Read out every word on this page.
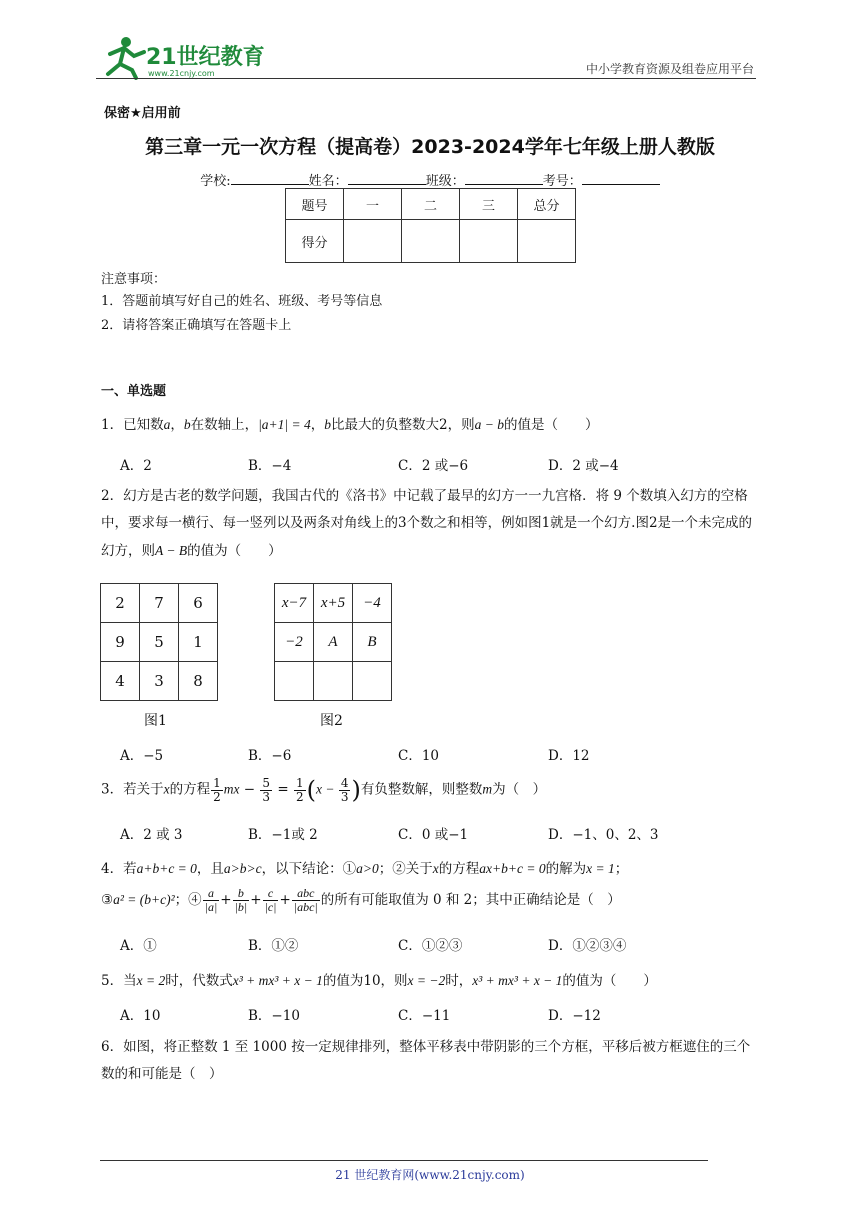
21世纪教育
www.21cnjy.com	中小学教育资源及组卷应用平台
保密★启用前
第三章一元一次方程（提高卷）2023-2024学年七年级上册人教版
学校:	姓名：	班级：	考号：
题号	一	二	三	总分
得分				
注意事项：
1．答题前填写好自己的姓名、班级、考号等信息
2．请将答案正确填写在答题卡上
一、单选题
1．已知数a，b在数轴上，|a+1| = 4，b比最大的负整数大2，则a − b的值是（　　）
A．2	B．−4	C．2 或−6	D．2 或−4
2．幻方是古老的数学问题，我国古代的《洛书》中记载了最早的幻方一一九宫格．将 9 个数填入幻方的空格中，要求每一横行、每一竖列以及两条对角线上的3个数之和相等，例如图1就是一个幻方.图2是一个未完成的幻方，则A − B的值为（　　）
2	7	6
9	5	1
4	3	8
x−7	x+5	−4
−2	A	B

图1	图2
A．−5	B．−6	C．10	D．12
3．若关于x的方程 $\frac{1}{2}$ mx − $\frac{5}{3} = \frac{1}{2} (x - \frac{4}{3}$ )有负整数解，则整数m为（　）
A．2 或 3	B．−1或 2	C．0 或−1	D．−1、0、2、3
4．若a+b+c = 0，且a>b>c，以下结论：①a>0；②关于x的方程ax+b+c = 0的解为x = 1；
③a² = (b+c)²；④ $\frac{a}{|a|} + \frac{b}{|b|} + \frac{c}{|c|} + \frac{\text{abc}}{\text{|abc|}}$ 的所有可能取值为 0 和 2；其中正确结论是（　）
A．①	B．①②	C．①②③	D．①②③④
5．当x = 2时，代数式x³ + mx³ + x − 1的值为10，则x = −2时，x³ + mx³ + x − 1的值为（　　）
A．10	B．−10	C．−11	D．−12
6．如图，将正整数 1 至 1000 按一定规律排列，整体平移表中带阴影的三个方框，平移后被方框遮住的三个数的和可能是（　）
21 世纪教育网(www.21cnjy.com)
